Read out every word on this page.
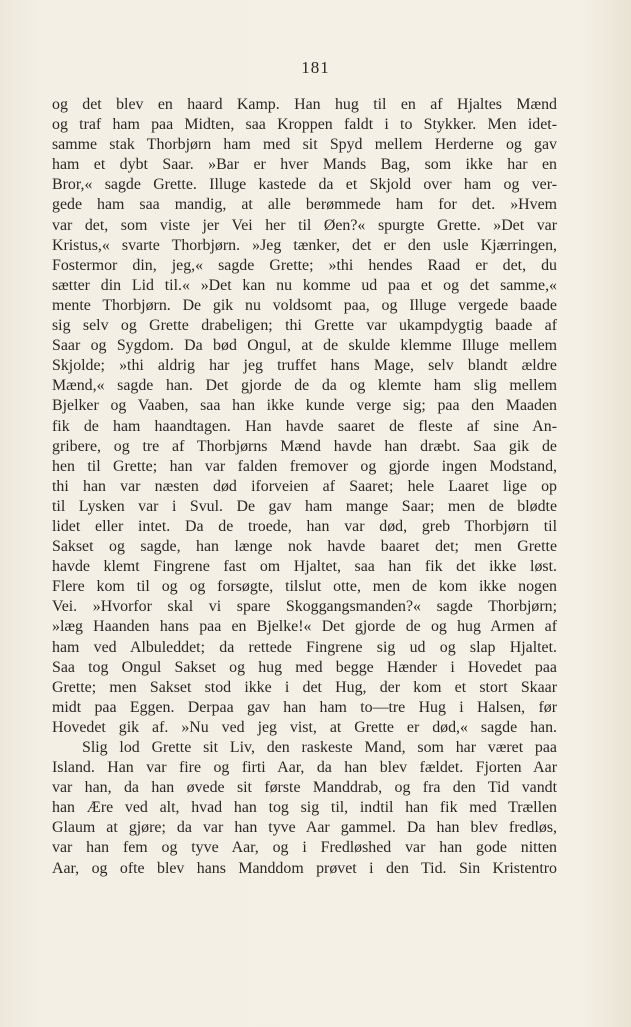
181
og det blev en haard Kamp. Han hug til en af Hjaltes Mænd
og traf ham paa Midten, saa Kroppen faldt i to Stykker. Men idet-
samme stak Thorbjørn ham med sit Spyd mellem Herderne og gav
ham et dybt Saar. »Bar er hver Mands Bag, som ikke har en
Bror,« sagde Grette. Illuge kastede da et Skjold over ham og ver-
gede ham saa mandig, at alle berømmede ham for det. »Hvem
var det, som viste jer Vei her til Øen?« spurgte Grette. »Det var
Kristus,« svarte Thorbjørn. »Jeg tænker, det er den usle Kjærringen,
Fostermor din, jeg,« sagde Grette; »thi hendes Raad er det, du
sætter din Lid til.« »Det kan nu komme ud paa et og det samme,«
mente Thorbjørn. De gik nu voldsomt paa, og Illuge vergede baade
sig selv og Grette drabeligen; thi Grette var ukampdygtig baade af
Saar og Sygdom. Da bød Ongul, at de skulde klemme Illuge mellem
Skjolde; »thi aldrig har jeg truffet hans Mage, selv blandt ældre
Mænd,« sagde han. Det gjorde de da og klemte ham slig mellem
Bjelker og Vaaben, saa han ikke kunde verge sig; paa den Maaden
fik de ham haandtagen. Han havde saaret de fleste af sine An-
gribere, og tre af Thorbjørns Mænd havde han dræbt. Saa gik de
hen til Grette; han var falden fremover og gjorde ingen Modstand,
thi han var næsten død iforveien af Saaret; hele Laaret lige op
til Lysken var i Svul. De gav ham mange Saar; men de blødte
lidet eller intet. Da de troede, han var død, greb Thorbjørn til
Sakset og sagde, han længe nok havde baaret det; men Grette
havde klemt Fingrene fast om Hjaltet, saa han fik det ikke løst.
Flere kom til og og forsøgte, tilslut otte, men de kom ikke nogen
Vei. »Hvorfor skal vi spare Skoggangsmanden?« sagde Thorbjørn;
»læg Haanden hans paa en Bjelke!« Det gjorde de og hug Armen af
ham ved Albuleddet; da rettede Fingrene sig ud og slap Hjaltet.
Saa tog Ongul Sakset og hug med begge Hænder i Hovedet paa
Grette; men Sakset stod ikke i det Hug, der kom et stort Skaar
midt paa Eggen. Derpaa gav han ham to—tre Hug i Halsen, før
Hovedet gik af. »Nu ved jeg vist, at Grette er død,« sagde han.
Slig lod Grette sit Liv, den raskeste Mand, som har været paa
Island. Han var fire og firti Aar, da han blev fældet. Fjorten Aar
var han, da han øvede sit første Manddrab, og fra den Tid vandt
han Ære ved alt, hvad han tog sig til, indtil han fik med Trællen
Glaum at gjøre; da var han tyve Aar gammel. Da han blev fredløs,
var han fem og tyve Aar, og i Fredløshed var han gode nitten
Aar, og ofte blev hans Manddom prøvet i den Tid. Sin Kristentro
